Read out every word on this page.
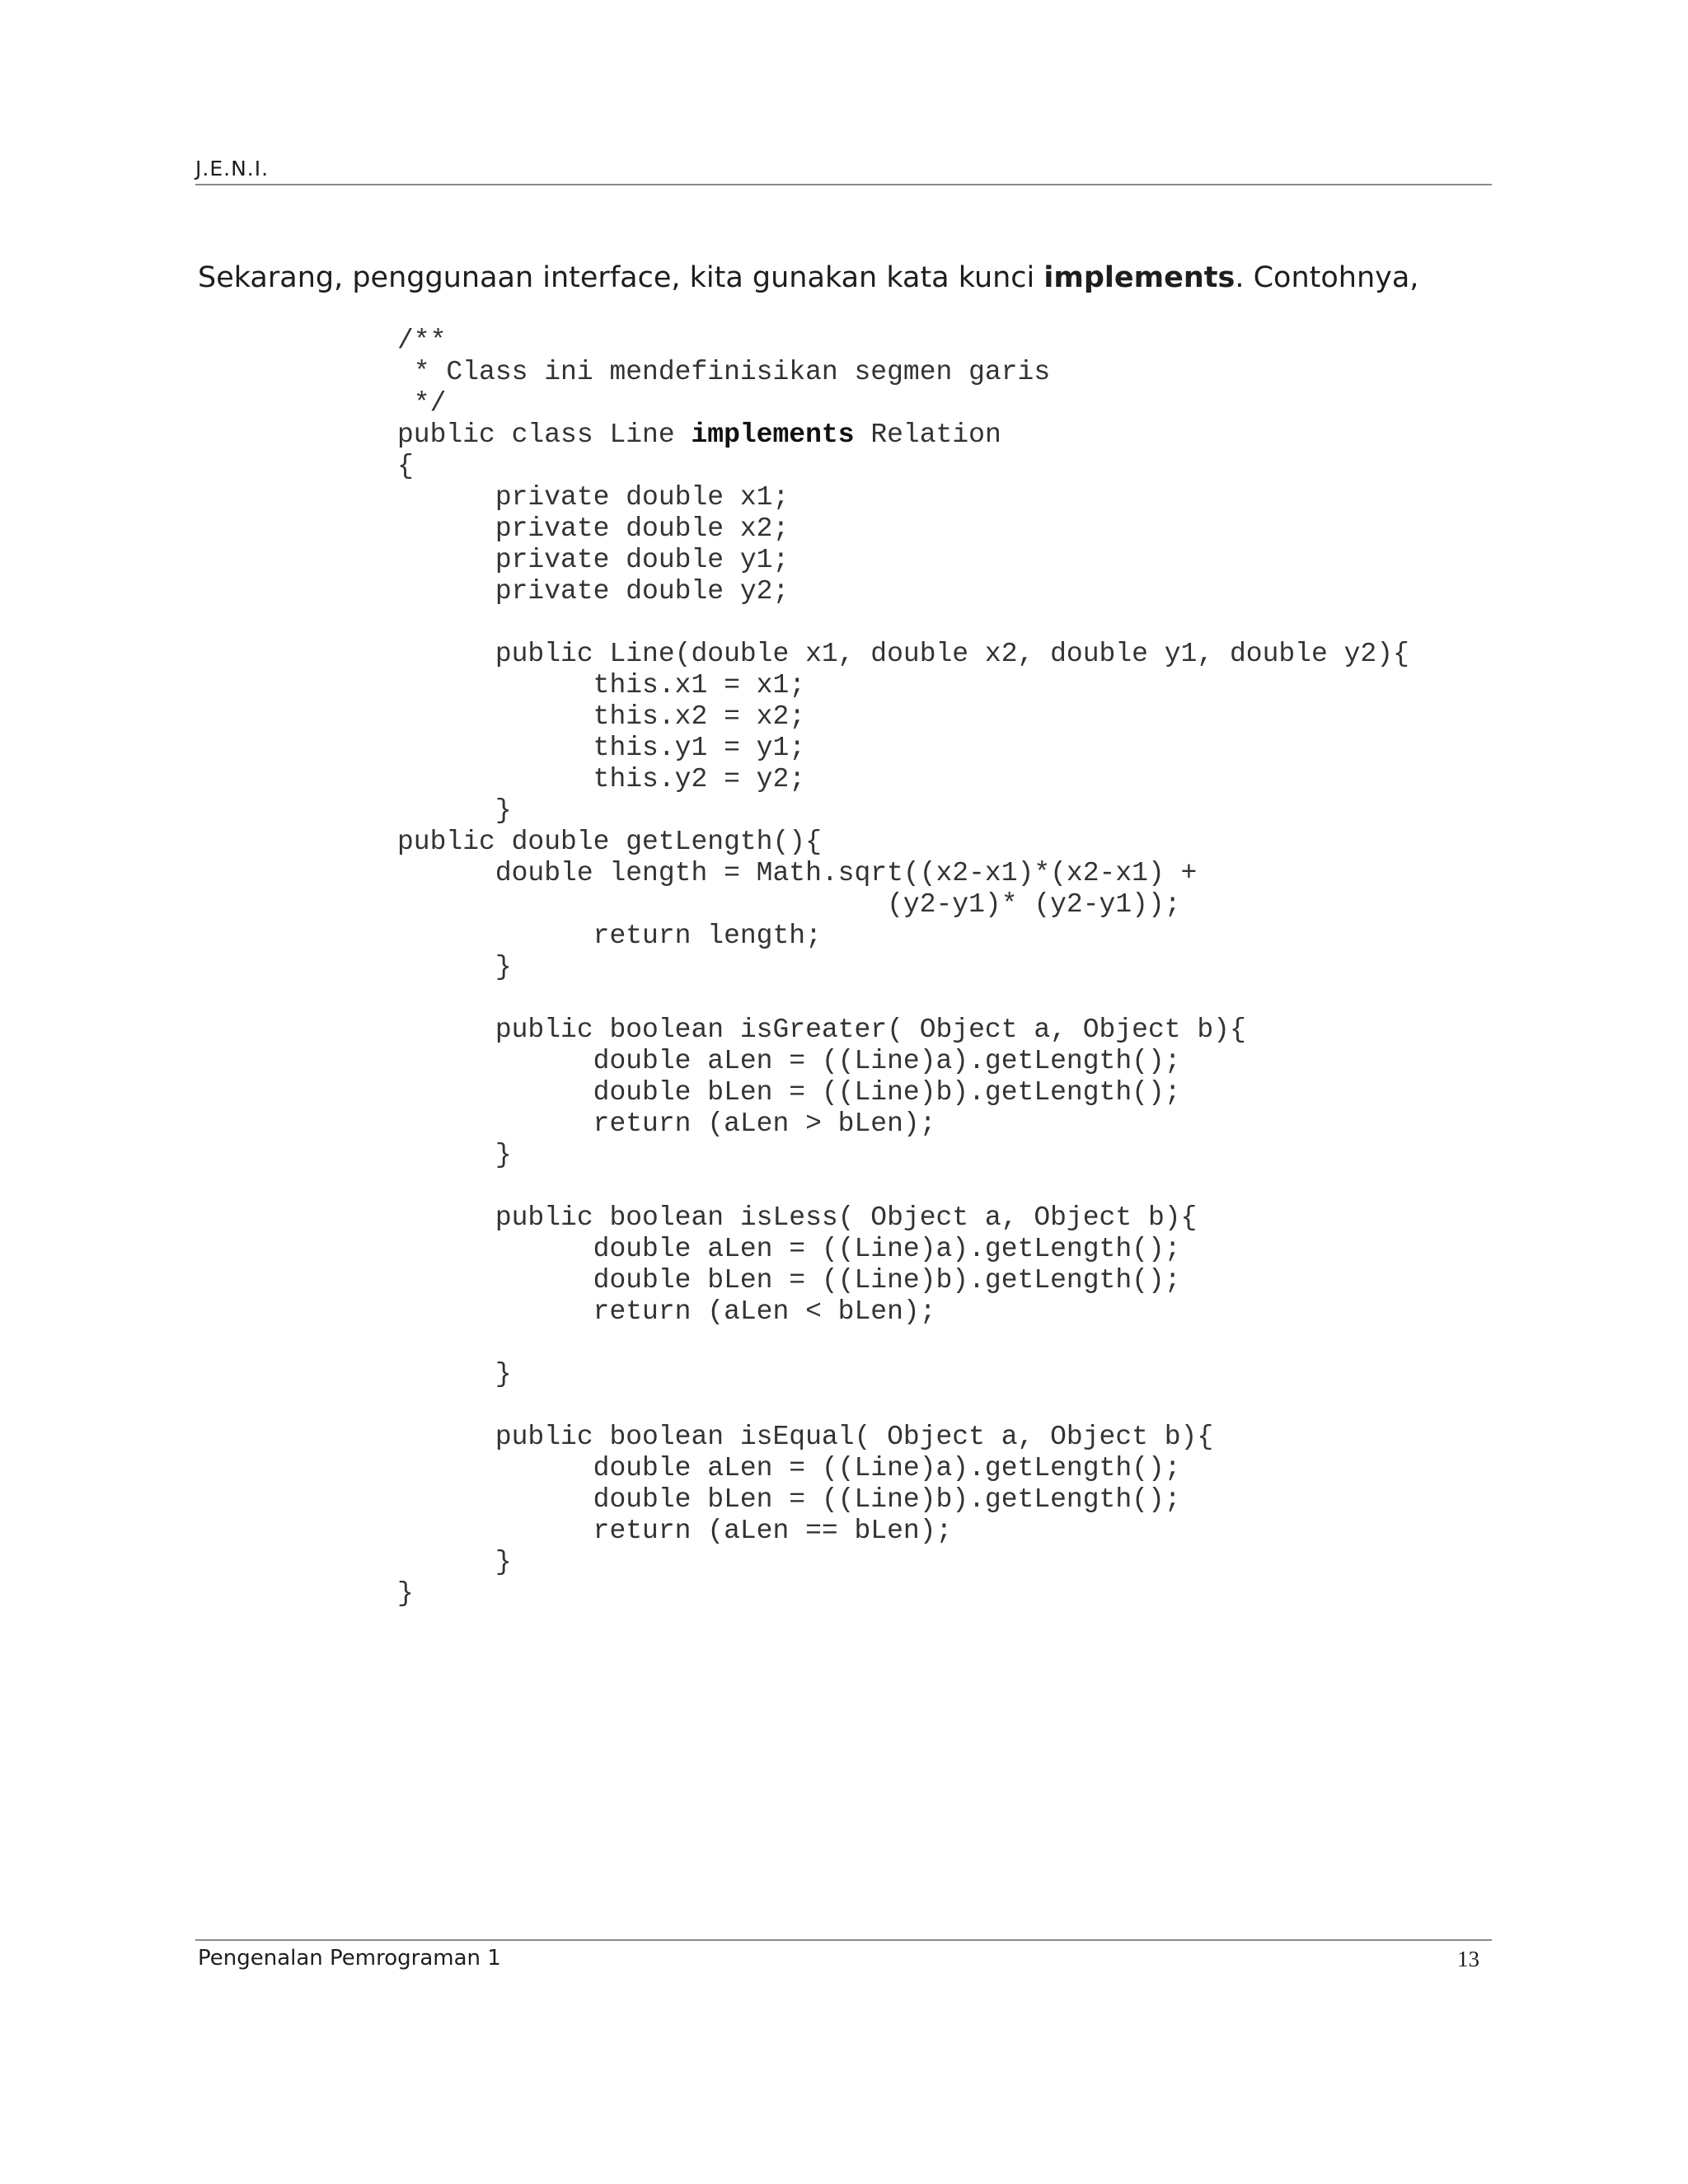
J.E.N.I.

Sekarang, penggunaan interface, kita gunakan kata kunci implements. Contohnya,

/**
* Class ini mendefinisikan segmen garis
*/
public class Line implements Relation
{
private double x1;
private double x2;
private double y1;
private double y2;

public Line(double x1, double x2, double y1, double y2){
this.x1 = x1;
this.x2 = x2;
this.y1 = y1;
this.y2 = y2;
}
public double getLength(){
double length = Math.sqrt((x2-x1)*(x2-x1) +
(y2-y1)* (y2-y1));
return length;
}

public boolean isGreater( Object a, Object b){
double aLen = ((Line)a).getLength();
double bLen = ((Line)b).getLength();
return (aLen > bLen);
}

public boolean isLess( Object a, Object b){
double aLen = ((Line)a).getLength();
double bLen = ((Line)b).getLength();
return (aLen < bLen);

}

public boolean isEqual( Object a, Object b){
double aLen = ((Line)a).getLength();
double bLen = ((Line)b).getLength();
return (aLen == bLen);
}
}
Pengenalan Pemrograman 1	13
